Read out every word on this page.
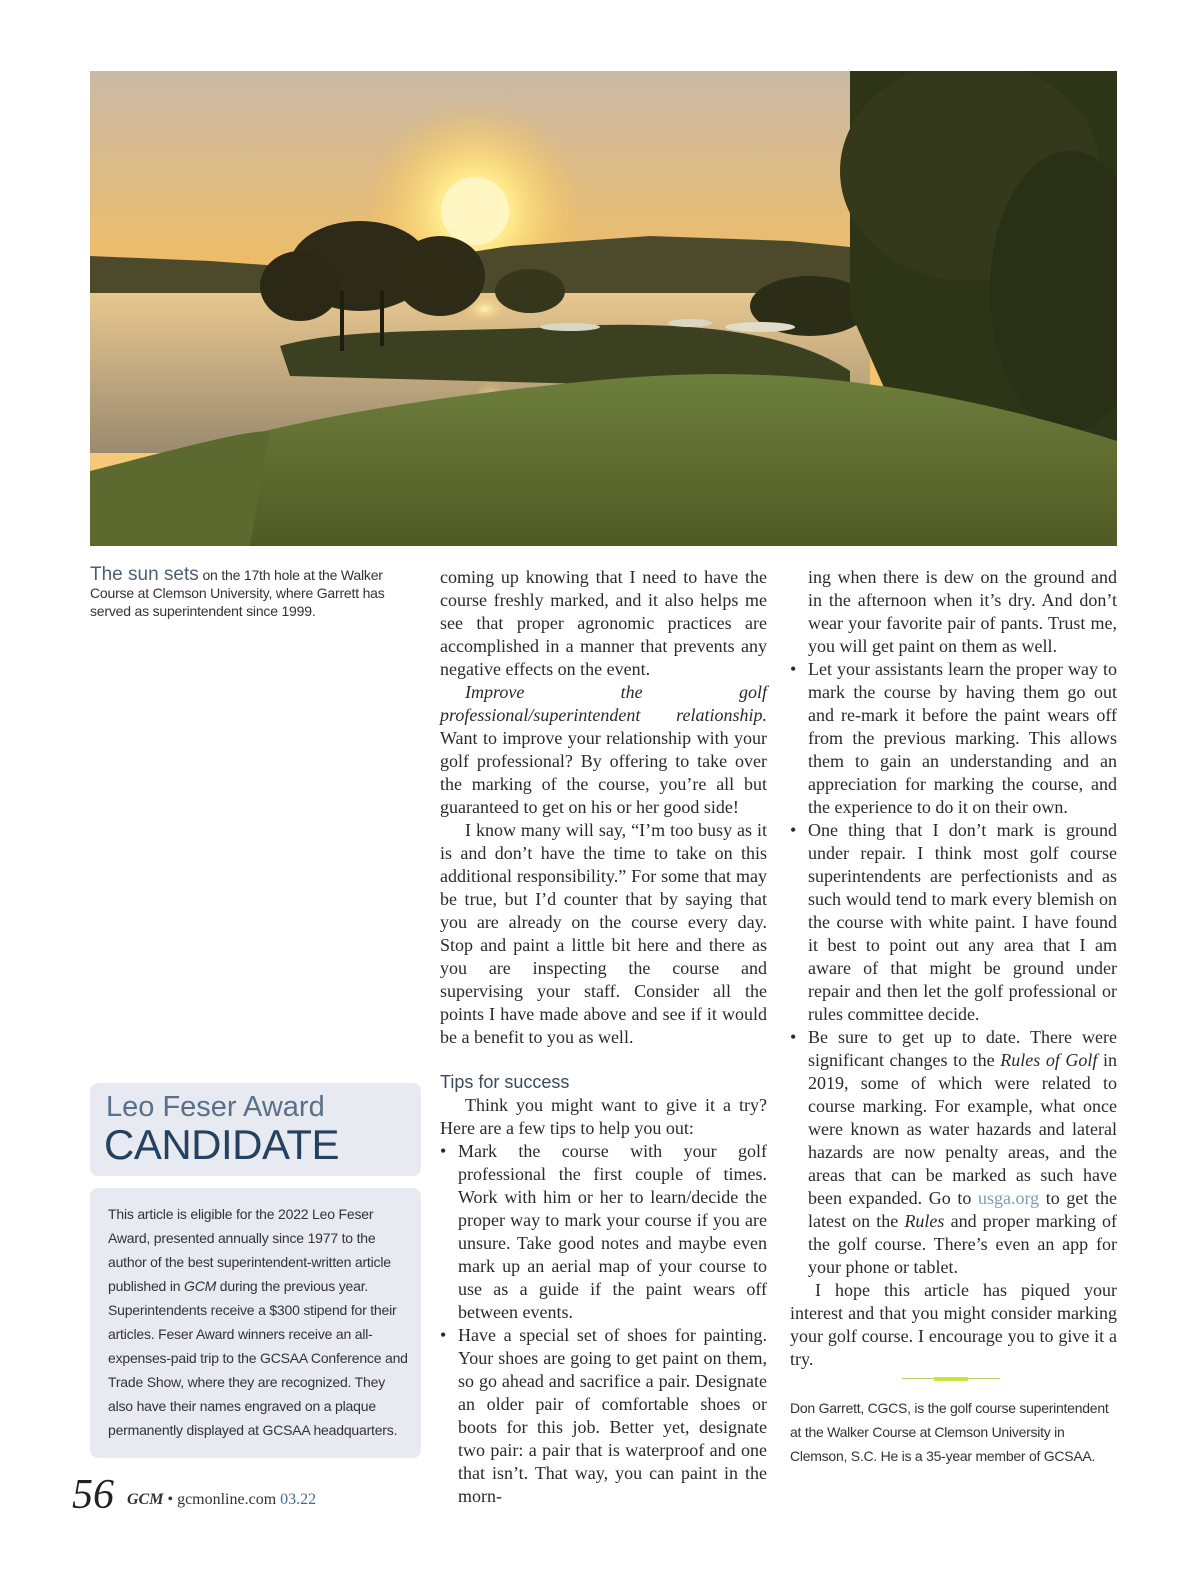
The sun sets on the 17th hole at the Walker Course at Clemson University, where Garrett has served as superintendent since 1999.

coming up knowing that I need to have the course freshly marked, and it also helps me see that proper agronomic practices are accomplished in a manner that prevents any negative effects on the event.

Improve the golf professional/superintendent relationship. Want to improve your relationship with your golf professional? By offering to take over the marking of the course, you’re all but guaranteed to get on his or her good side!

I know many will say, “I’m too busy as it is and don’t have the time to take on this additional responsibility.” For some that may be true, but I’d counter that by saying that you are already on the course every day. Stop and paint a little bit here and there as you are inspecting the course and supervising your staff. Consider all the points I have made above and see if it would be a benefit to you as well.

Tips for success

Think you might want to give it a try? Here are a few tips to help you out:

• Mark the course with your golf professional the first couple of times. Work with him or her to learn/decide the proper way to mark your course if you are unsure. Take good notes and maybe even mark up an aerial map of your course to use as a guide if the paint wears off between events.
• Have a special set of shoes for painting. Your shoes are going to get paint on them, so go ahead and sacrifice a pair. Designate an older pair of comfortable shoes or boots for this job. Better yet, designate two pair: a pair that is waterproof and one that isn’t. That way, you can paint in the morn-
ing when there is dew on the ground and in the afternoon when it’s dry. And don’t wear your favorite pair of pants. Trust me, you will get paint on them as well.
• Let your assistants learn the proper way to mark the course by having them go out and re-mark it before the paint wears off from the previous marking. This allows them to gain an understanding and an appreciation for marking the course, and the experience to do it on their own.
• One thing that I don’t mark is ground under repair. I think most golf course superintendents are perfectionists and as such would tend to mark every blemish on the course with white paint. I have found it best to point out any area that I am aware of that might be ground under repair and then let the golf professional or rules committee decide.
• Be sure to get up to date. There were significant changes to the Rules of Golf in 2019, some of which were related to course marking. For example, what once were known as water hazards and lateral hazards are now penalty areas, and the areas that can be marked as such have been expanded. Go to usga.org to get the latest on the Rules and proper marking of the golf course. There’s even an app for your phone or tablet.

I hope this article has piqued your interest and that you might consider marking your golf course. I encourage you to give it a try.

Leo Feser Award
CANDIDATE

This article is eligible for the 2022 Leo Feser Award, presented annually since 1977 to the author of the best superintendent-written article published in GCM during the previous year. Superintendents receive a $300 stipend for their articles. Feser Award winners receive an all-expenses-paid trip to the GCSAA Conference and Trade Show, where they are recognized. They also have their names engraved on a plaque permanently displayed at GCSAA headquarters.

Don Garrett, CGCS, is the golf course superintendent at the Walker Course at Clemson University in Clemson, S.C. He is a 35-year member of GCSAA.
56 GCM • gcmonline.com 03.22
